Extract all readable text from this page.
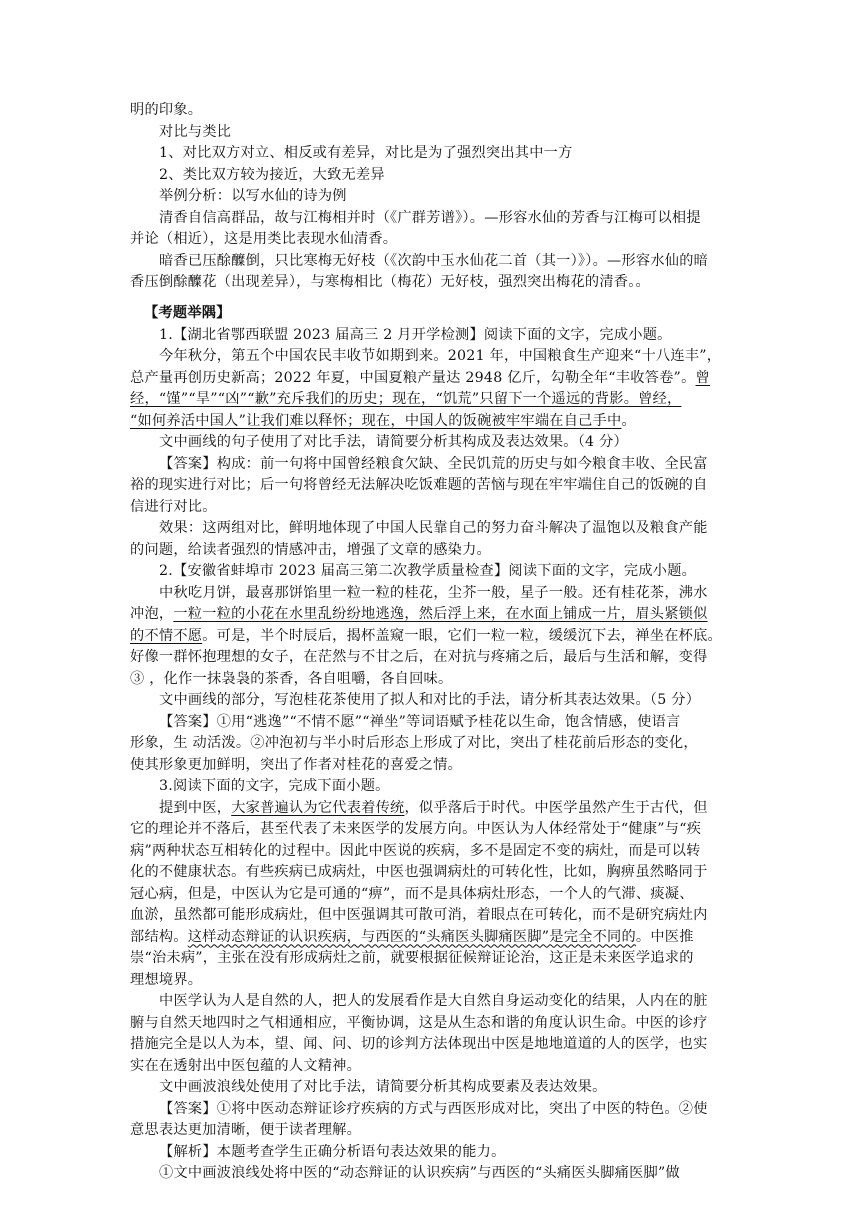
明的印象。
对比与类比
1、对比双方对立、相反或有差异，对比是为了强烈突出其中一方
2、类比双方较为接近，大致无差异
举例分析：以写水仙的诗为例
清香自信高群品，故与江梅相并时（《广群芳谱》）。—形容水仙的芳香与江梅可以相提
并论（相近），这是用类比表现水仙清香。
暗香已压酴醾倒，只比寒梅无好枝（《次韵中玉水仙花二首（其一）》）。—形容水仙的暗
香压倒酴醾花（出现差异），与寒梅相比（梅花）无好枝，强烈突出梅花的清香。。
【考题举隅】
1.【湖北省鄂西联盟 2023 届高三 2 月开学检测】阅读下面的文字，完成小题。
今年秋分，第五个中国农民丰收节如期到来。2021 年，中国粮食生产迎来“十八连丰”，
总产量再创历史新高；2022 年夏，中国夏粮产量达 2948 亿斤，勾勒全年“丰收答卷”。曾
经，“馑”“旱”“凶”“歉”充斥我们的历史；现在，“饥荒”只留下一个遥远的背影。曾经，
“如何养活中国人”让我们难以释怀；现在，中国人的饭碗被牢牢端在自己手中。
文中画线的句子使用了对比手法，请简要分析其构成及表达效果。（4 分）
【答案】构成：前一句将中国曾经粮食欠缺、全民饥荒的历史与如今粮食丰收、全民富
裕的现实进行对比；后一句将曾经无法解决吃饭难题的苦恼与现在牢牢端住自己的饭碗的自
信进行对比。
效果：这两组对比，鲜明地体现了中国人民靠自己的努力奋斗解决了温饱以及粮食产能
的问题，给读者强烈的情感冲击，增强了文章的感染力。
2.【安徽省蚌埠市 2023 届高三第二次教学质量检查】阅读下面的文字，完成小题。
中秋吃月饼，最喜那饼馅里一粒一粒的桂花，尘芥一般，星子一般。还有桂花茶，沸水
冲泡，一粒一粒的小花在水里乱纷纷地逃逸，然后浮上来，在水面上铺成一片，眉头紧锁似
的不情不愿。可是，半个时辰后，揭杯盖窥一眼，它们一粒一粒，缓缓沉下去，禅坐在杯底。
好像一群怀抱理想的女子，在茫然与不甘之后，在对抗与疼痛之后，最后与生活和解，变得
③ ，化作一抹袅袅的茶香，各自咀嚼，各自回味。
文中画线的部分，写泡桂花茶使用了拟人和对比的手法，请分析其表达效果。（5 分）
【答案】①用“逃逸”“不情不愿”“禅坐”等词语赋予桂花以生命，饱含情感，使语言
形象，生 动活泼。②冲泡初与半小时后形态上形成了对比，突出了桂花前后形态的变化，
使其形象更加鲜明，突出了作者对桂花的喜爱之情。
3.阅读下面的文字，完成下面小题。
提到中医，大家普遍认为它代表着传统，似乎落后于时代。中医学虽然产生于古代，但
它的理论并不落后，甚至代表了未来医学的发展方向。中医认为人体经常处于“健康”与“疾
病”两种状态互相转化的过程中。因此中医说的疾病，多不是固定不变的病灶，而是可以转
化的不健康状态。有些疾病已成病灶，中医也强调病灶的可转化性，比如，胸痹虽然略同于
冠心病，但是，中医认为它是可通的“痹”，而不是具体病灶形态，一个人的气滞、痰凝、
血淤，虽然都可能形成病灶，但中医强调其可散可消，着眼点在可转化，而不是研究病灶内
部结构。这样动态辩证的认识疾病，与西医的“头痛医头脚痛医脚”是完全不同的。中医推
崇“治未病”，主张在没有形成病灶之前，就要根据征候辩证论治，这正是未来医学追求的
理想境界。
中医学认为人是自然的人，把人的发展看作是大自然自身运动变化的结果，人内在的脏
腑与自然天地四时之气相通相应，平衡协调，这是从生态和谐的角度认识生命。中医的诊疗
措施完全是以人为本，望、闻、问、切的诊判方法体现出中医是地地道道的人的医学，也实
实在在透射出中医包蕴的人文精神。
文中画波浪线处使用了对比手法，请简要分析其构成要素及表达效果。
【答案】①将中医动态辩证诊疗疾病的方式与西医形成对比，突出了中医的特色。②使
意思表达更加清晰，便于读者理解。
【解析】本题考查学生正确分析语句表达效果的能力。
①文中画波浪线处将中医的“动态辩证的认识疾病”与西医的“头痛医头脚痛医脚”做
